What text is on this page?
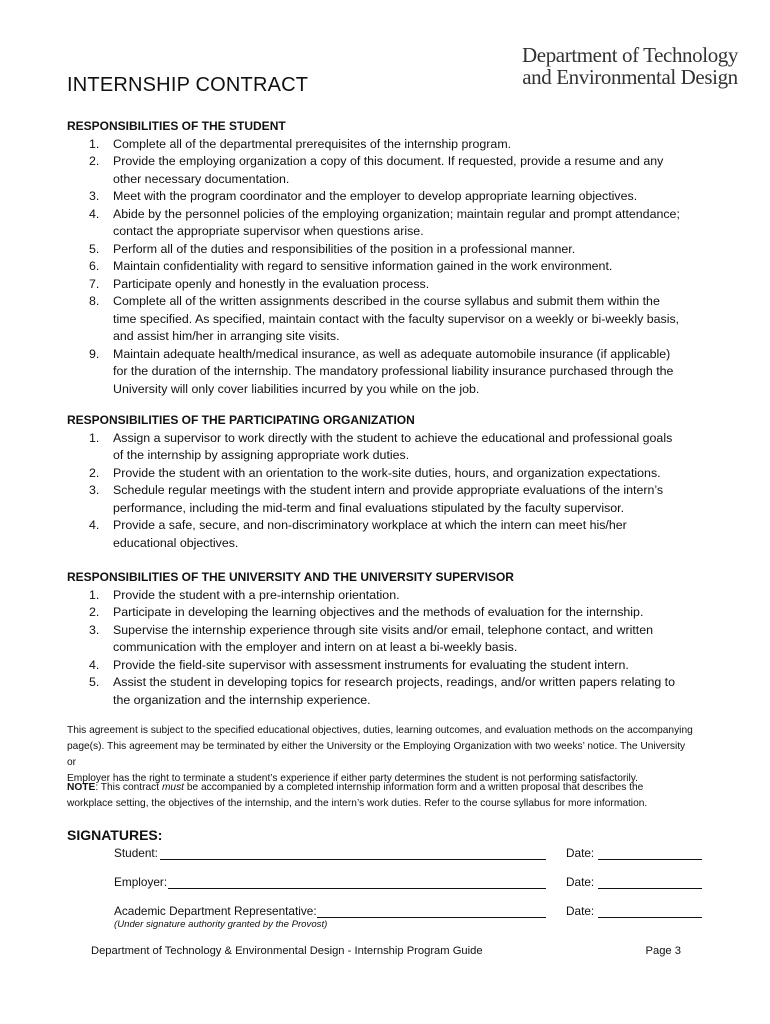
Department of Technology
and Environmental Design
INTERNSHIP CONTRACT
RESPONSIBILITIES OF THE STUDENT
1.	Complete all of the departmental prerequisites of the internship program.
2.	Provide the employing organization a copy of this document. If requested, provide a resume and any
other necessary documentation.
3.	Meet with the program coordinator and the employer to develop appropriate learning objectives.
4.	Abide by the personnel policies of the employing organization; maintain regular and prompt attendance;
contact the appropriate supervisor when questions arise.
5.	Perform all of the duties and responsibilities of the position in a professional manner.
6.	Maintain confidentiality with regard to sensitive information gained in the work environment.
7.	Participate openly and honestly in the evaluation process.
8.	Complete all of the written assignments described in the course syllabus and submit them within the
time specified. As specified, maintain contact with the faculty supervisor on a weekly or bi-weekly basis,
and assist him/her in arranging site visits.
9.	Maintain adequate health/medical insurance, as well as adequate automobile insurance (if applicable)
for the duration of the internship. The mandatory professional liability insurance purchased through the
University will only cover liabilities incurred by you while on the job.
RESPONSIBILITIES OF THE PARTICIPATING ORGANIZATION
1.	Assign a supervisor to work directly with the student to achieve the educational and professional goals
of the internship by assigning appropriate work duties.
2.	Provide the student with an orientation to the work-site duties, hours, and organization expectations.
3.	Schedule regular meetings with the student intern and provide appropriate evaluations of the intern’s
performance, including the mid-term and final evaluations stipulated by the faculty supervisor.
4.	Provide a safe, secure, and non-discriminatory workplace at which the intern can meet his/her
educational objectives.
RESPONSIBILITIES OF THE UNIVERSITY AND THE UNIVERSITY SUPERVISOR
1.	Provide the student with a pre-internship orientation.
2.	Participate in developing the learning objectives and the methods of evaluation for the internship.
3.	Supervise the internship experience through site visits and/or email, telephone contact, and written
communication with the employer and intern on at least a bi-weekly basis.
4.	Provide the field-site supervisor with assessment instruments for evaluating the student intern.
5.	Assist the student in developing topics for research projects, readings, and/or written papers relating to
the organization and the internship experience.
This agreement is subject to the specified educational objectives, duties, learning outcomes, and evaluation methods on the accompanying
page(s). This agreement may be terminated by either the University or the Employing Organization with two weeks’ notice. The University or
Employer has the right to terminate a student’s experience if either party determines the student is not performing satisfactorily.
NOTE: This contract must be accompanied by a completed internship information form and a written proposal that describes the
workplace setting, the objectives of the internship, and the intern’s work duties. Refer to the course syllabus for more information.
SIGNATURES:
Student:	Date:
Employer:	Date:
Academic Department Representative:	Date:
(Under signature authority granted by the Provost)
Department of Technology & Environmental Design - Internship Program Guide	Page 3
